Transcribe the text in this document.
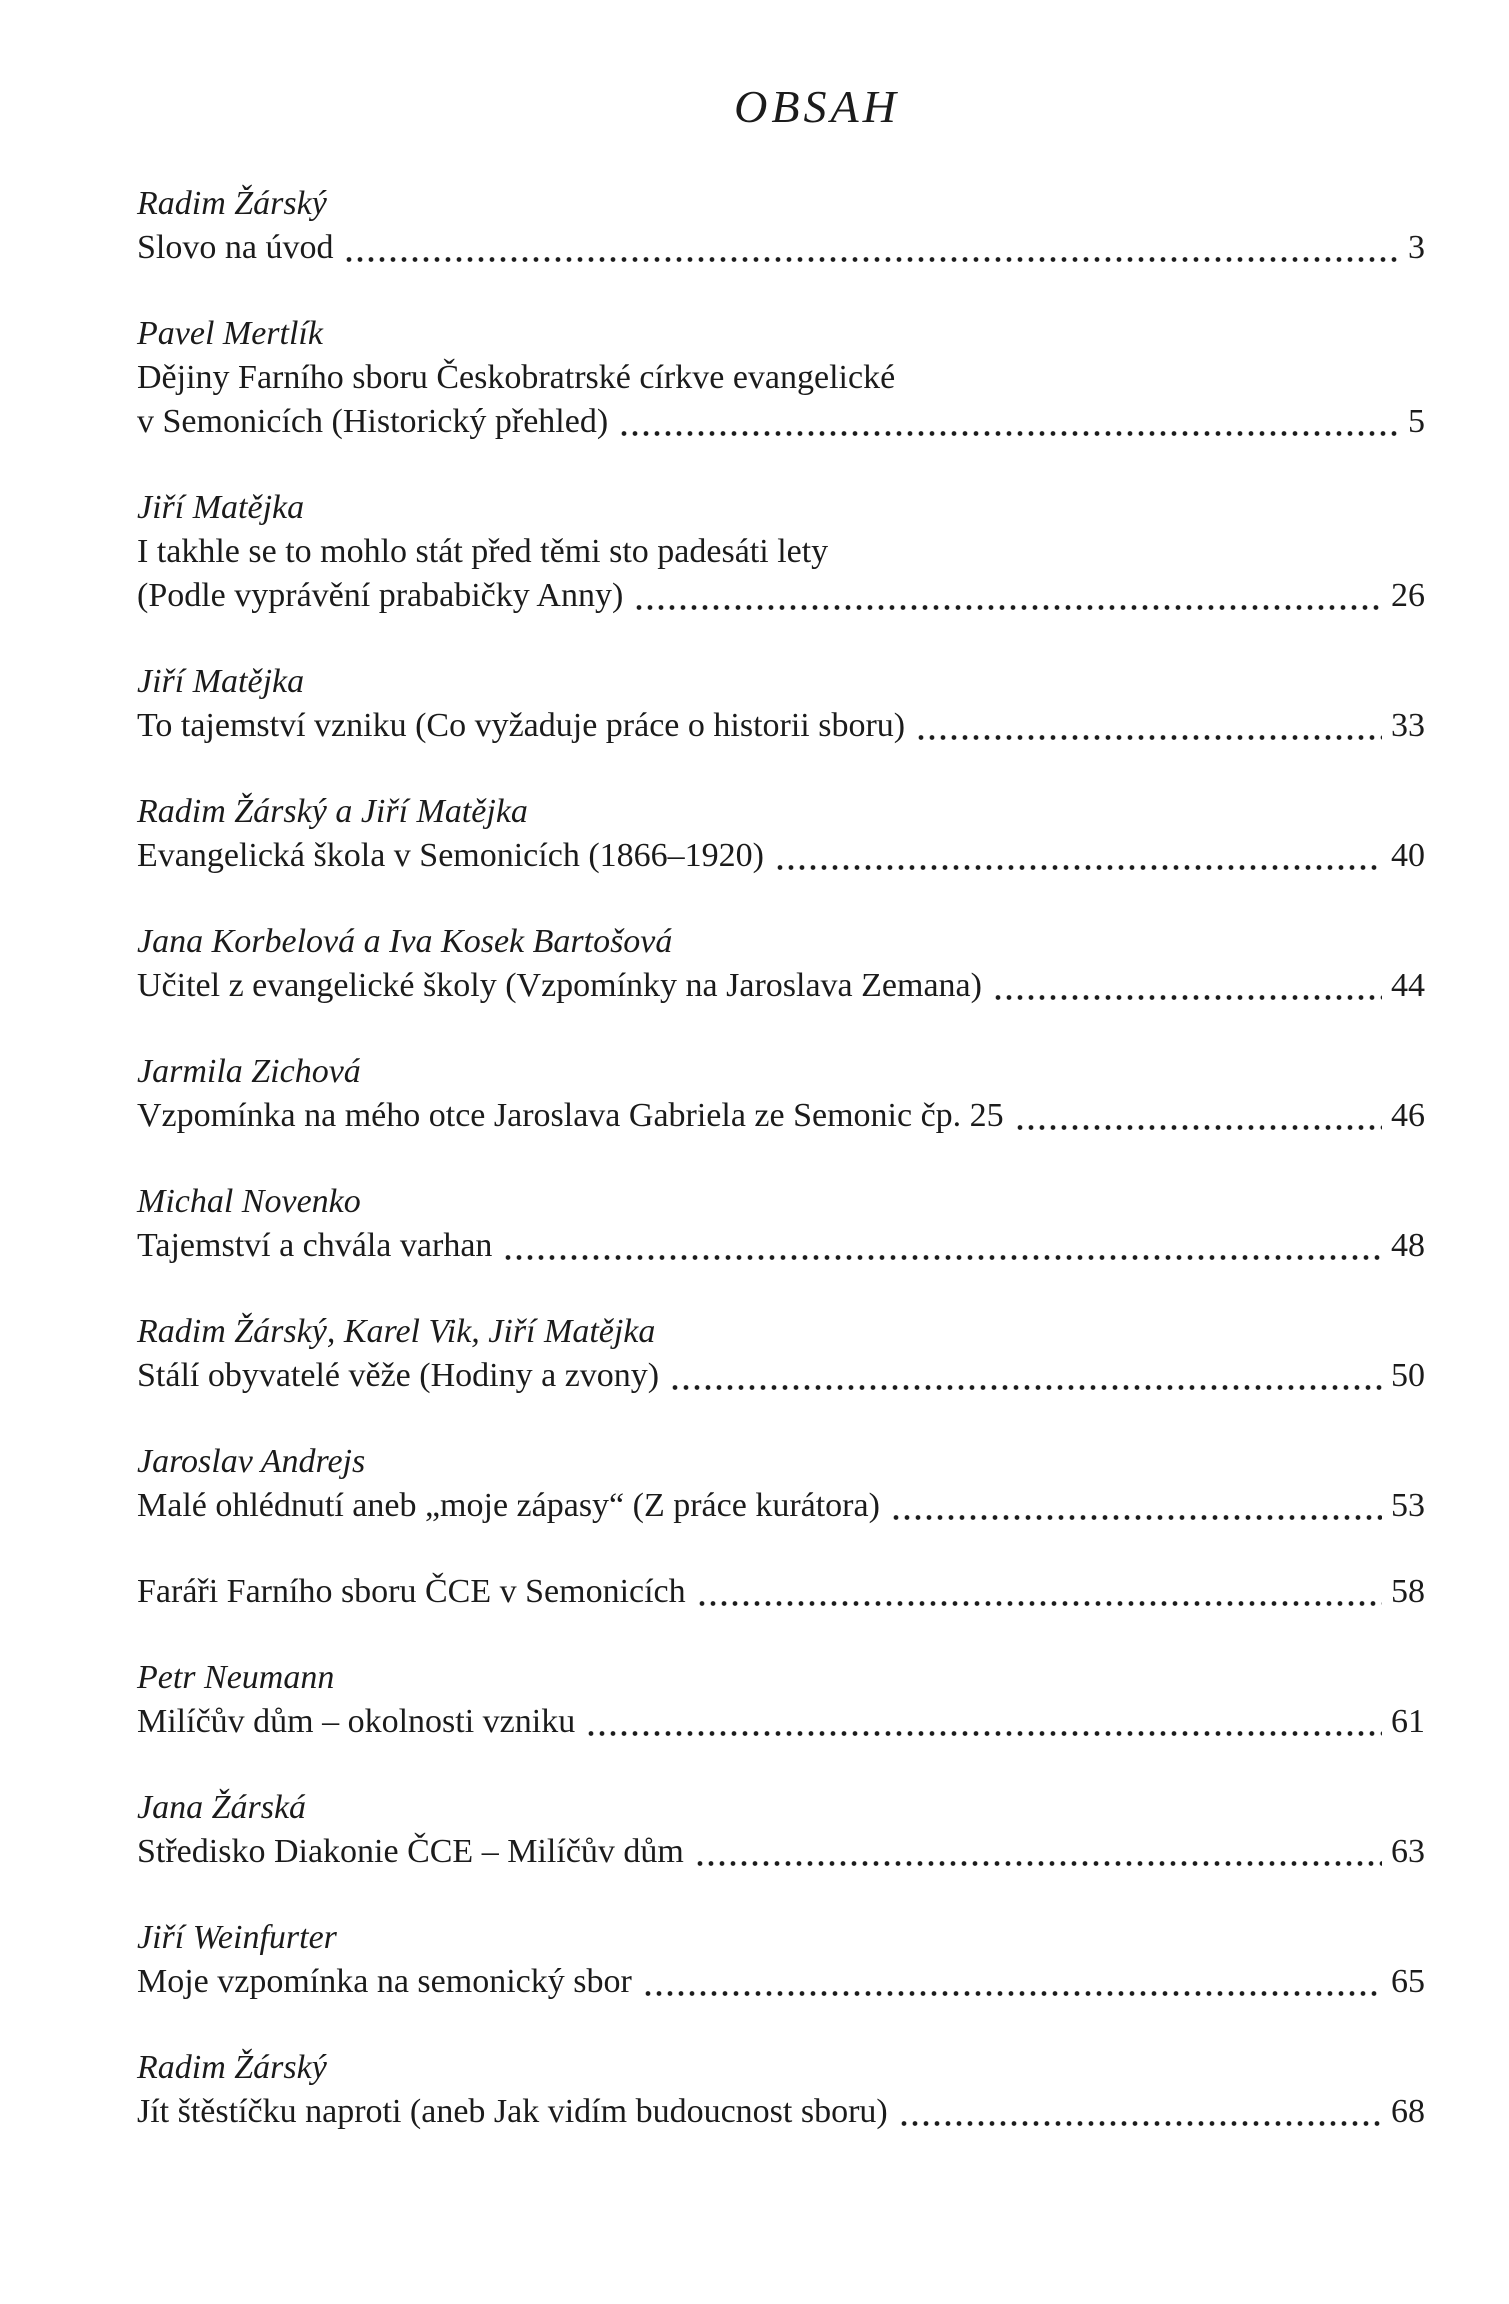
OBSAH
Radim Žárský
Slovo na úvod	3
Pavel Mertlík
Dějiny Farního sboru Českobratrské církve evangelické
v Semonicích (Historický přehled)	5
Jiří Matějka
I takhle se to mohlo stát před těmi sto padesáti lety
(Podle vyprávění prababičky Anny)	26
Jiří Matějka
To tajemství vzniku (Co vyžaduje práce o historii sboru)	33
Radim Žárský a Jiří Matějka
Evangelická škola v Semonicích (1866–1920)	40
Jana Korbelová a Iva Kosek Bartošová
Učitel z evangelické školy (Vzpomínky na Jaroslava Zemana)	44
Jarmila Zichová
Vzpomínka na mého otce Jaroslava Gabriela ze Semonic čp. 25	46
Michal Novenko
Tajemství a chvála varhan	48
Radim Žárský, Karel Vik, Jiří Matějka
Stálí obyvatelé věže (Hodiny a zvony)	50
Jaroslav Andrejs
Malé ohlédnutí aneb „moje zápasy“ (Z práce kurátora)	53
Faráři Farního sboru ČCE v Semonicích	58
Petr Neumann
Milíčův dům – okolnosti vzniku	61
Jana Žárská
Středisko Diakonie ČCE – Milíčův dům	63
Jiří Weinfurter
Moje vzpomínka na semonický sbor	65
Radim Žárský
Jít štěstíčku naproti (aneb Jak vidím budoucnost sboru)	68
